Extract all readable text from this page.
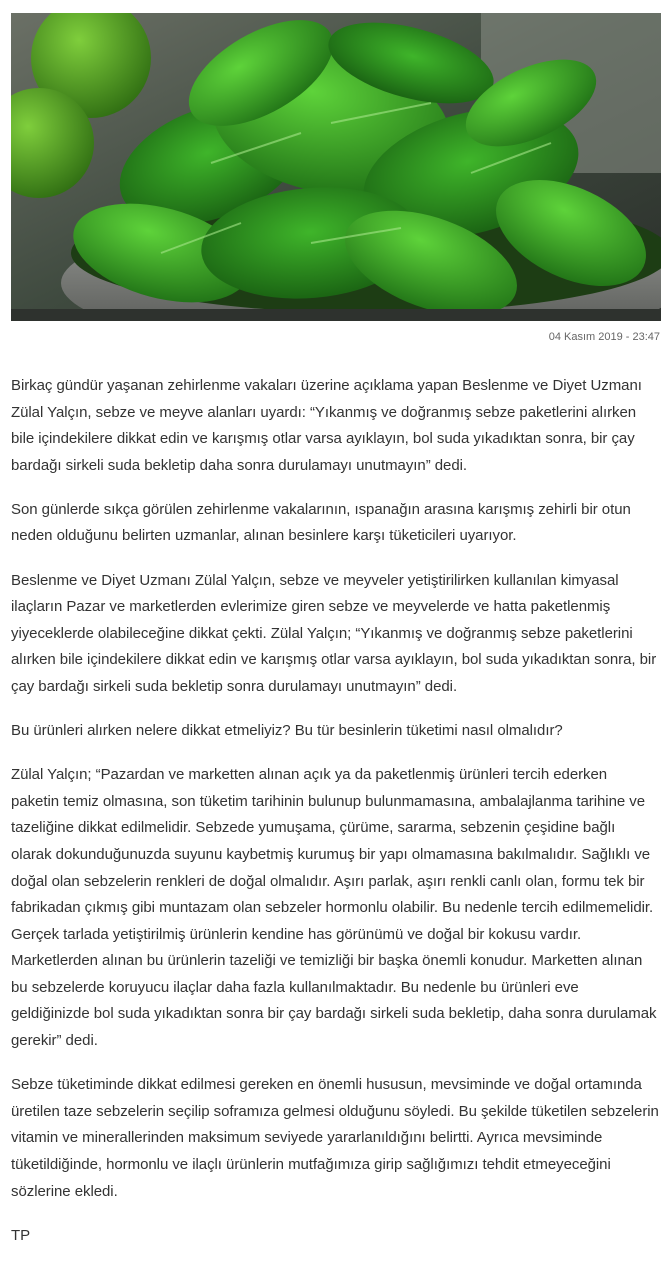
04 Kasım 2019 - 23:47

Birkaç gündür yaşanan zehirlenme vakaları üzerine açıklama yapan Beslenme ve Diyet Uzmanı Zülal Yalçın, sebze ve meyve alanları uyardı: “Yıkanmış ve doğranmış sebze paketlerini alırken bile içindekilere dikkat edin ve karışmış otlar varsa ayıklayın, bol suda yıkadıktan sonra, bir çay bardağı sirkeli suda bekletip daha sonra durulamayı unutmayın” dedi.

Son günlerde sıkça görülen zehirlenme vakalarının, ıspanağın arasına karışmış zehirli bir otun neden olduğunu belirten uzmanlar, alınan besinlere karşı tüketicileri uyarıyor.

Beslenme ve Diyet Uzmanı Zülal Yalçın, sebze ve meyveler yetiştirilirken kullanılan kimyasal ilaçların Pazar ve marketlerden evlerimize giren sebze ve meyvelerde ve hatta paketlenmiş yiyeceklerde olabileceğine dikkat çekti. Zülal Yalçın; “Yıkanmış ve doğranmış sebze paketlerini alırken bile içindekilere dikkat edin ve karışmış otlar varsa ayıklayın, bol suda yıkadıktan sonra, bir çay bardağı sirkeli suda bekletip sonra durulamayı unutmayın” dedi.

Bu ürünleri alırken nelere dikkat etmeliyiz? Bu tür besinlerin tüketimi nasıl olmalıdır?

Zülal Yalçın; “Pazardan ve marketten alınan açık ya da paketlenmiş ürünleri tercih ederken paketin temiz olmasına, son tüketim tarihinin bulunup bulunmamasına, ambalajlanma tarihine ve tazeliğine dikkat edilmelidir. Sebzede yumuşama, çürüme, sararma, sebzenin çeşidine bağlı olarak dokunduğunuzda suyunu kaybetmiş kurumuş bir yapı olmamasına bakılmalıdır. Sağlıklı ve doğal olan sebzelerin renkleri de doğal olmalıdır. Aşırı parlak, aşırı renkli canlı olan, formu tek bir fabrikadan çıkmış gibi muntazam olan sebzeler hormonlu olabilir. Bu nedenle tercih edilmemelidir. Gerçek tarlada yetiştirilmiş ürünlerin kendine has görünümü ve doğal bir kokusu vardır. Marketlerden alınan bu ürünlerin tazeliği ve temizliği bir başka önemli konudur. Marketten alınan bu sebzelerde koruyucu ilaçlar daha fazla kullanılmaktadır. Bu nedenle bu ürünleri eve geldiğinizde bol suda yıkadıktan sonra bir çay bardağı sirkeli suda bekletip, daha sonra durulamak gerekir” dedi.

Sebze tüketiminde dikkat edilmesi gereken en önemli hususun, mevsiminde ve doğal ortamında üretilen taze sebzelerin seçilip soframıza gelmesi olduğunu söyledi. Bu şekilde tüketilen sebzelerin vitamin ve minerallerinden maksimum seviyede yararlanıldığını belirtti. Ayrıca mevsiminde tüketildiğinde, hormonlu ve ilaçlı ürünlerin mutfağımıza girip sağlığımızı tehdit etmeyeceğini sözlerine ekledi.

TP
